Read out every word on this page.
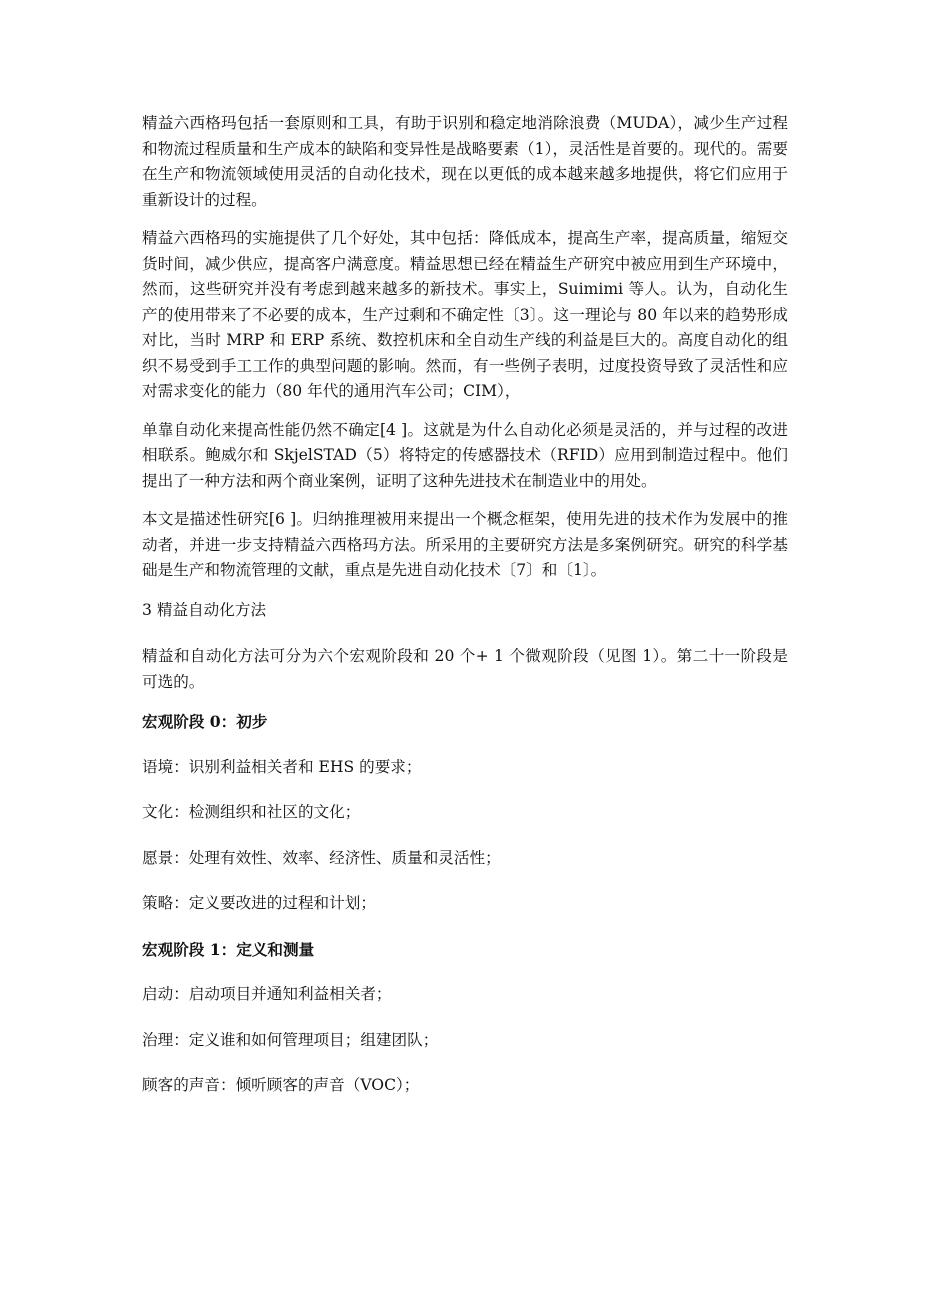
精益六西格玛包括一套原则和工具，有助于识别和稳定地消除浪费（MUDA），减少生产过程和物流过程质量和生产成本的缺陷和变异性是战略要素（1），灵活性是首要的。现代的。需要在生产和物流领域使用灵活的自动化技术，现在以更低的成本越来越多地提供，将它们应用于重新设计的过程。

精益六西格玛的实施提供了几个好处，其中包括：降低成本，提高生产率，提高质量，缩短交货时间，减少供应，提高客户满意度。精益思想已经在精益生产研究中被应用到生产环境中，然而，这些研究并没有考虑到越来越多的新技术。事实上，Suimimi 等人。认为，自动化生产的使用带来了不必要的成本，生产过剩和不确定性〔3〕。这一理论与 80 年以来的趋势形成对比，当时 MRP 和 ERP 系统、数控机床和全自动生产线的利益是巨大的。高度自动化的组织不易受到手工工作的典型问题的影响。然而，有一些例子表明，过度投资导致了灵活性和应对需求变化的能力（80 年代的通用汽车公司；CIM），

单靠自动化来提高性能仍然不确定[4 ]。这就是为什么自动化必须是灵活的，并与过程的改进相联系。鲍威尔和 SkjelSTAD（5）将特定的传感器技术（RFID）应用到制造过程中。他们提出了一种方法和两个商业案例，证明了这种先进技术在制造业中的用处。

本文是描述性研究[6 ]。归纳推理被用来提出一个概念框架，使用先进的技术作为发展中的推动者，并进一步支持精益六西格玛方法。所采用的主要研究方法是多案例研究。研究的科学基础是生产和物流管理的文献，重点是先进自动化技术〔7〕和〔1〕。

3 精益自动化方法

精益和自动化方法可分为六个宏观阶段和 20 个+ 1 个微观阶段（见图 1）。第二十一阶段是可选的。

宏观阶段 0：初步

语境：识别利益相关者和 EHS 的要求；

文化：检测组织和社区的文化；

愿景：处理有效性、效率、经济性、质量和灵活性；

策略：定义要改进的过程和计划；

宏观阶段 1：定义和测量

启动：启动项目并通知利益相关者；

治理：定义谁和如何管理项目；组建团队；

顾客的声音：倾听顾客的声音（VOC）；
